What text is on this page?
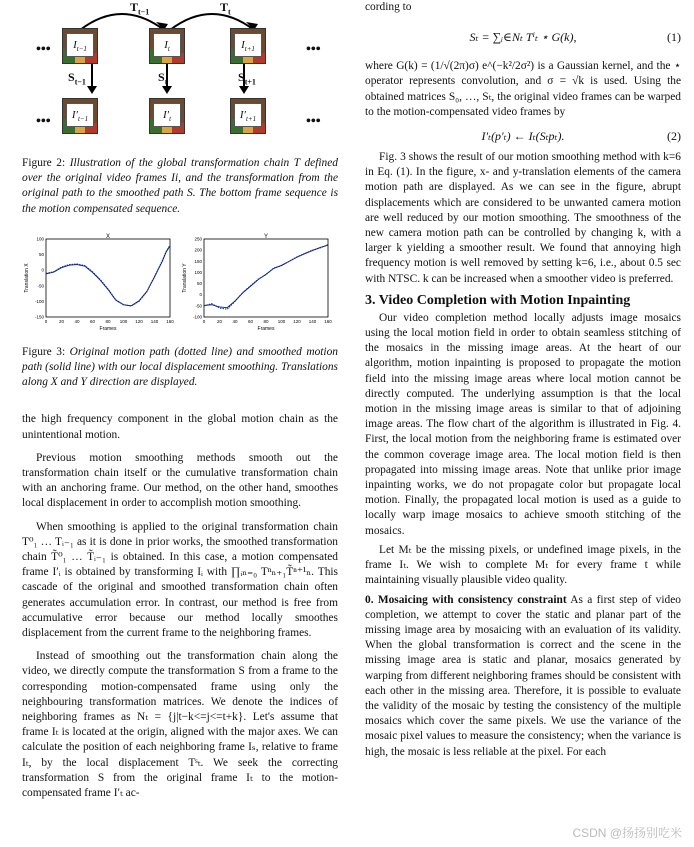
$T_{t-1}$	$T_t$
•••	$I_{t-1}$	$I_t$	$I_{t+1}$	•••
$S_{t-1}$	$S_t$	$S_{t+1}$
•••	$I'_{t-1}$	$I'_t$	$I'_{t+1}$	•••

Figure 2: Illustration of the global transformation chain T defined over the original video frames Ii, and the transformation from the original path to the smoothed path S. The bottom frame sequence is the motion compensated sequence.

X
0	20 40 60 80 100 120 140 160
100
50
0
-50
-100
-150
Frames
Translation X
Y
0	20 40 60 80 100 120 140 160
250
200
150
100
50
0
-50
-100
Frames
Translation Y

Figure 3: Original motion path (dotted line) and smoothed motion path (solid line) with our local displacement smoothing. Translations along X and Y direction are displayed.

the high frequency component in the global motion chain as the unintentional motion.

Previous motion smoothing methods smooth out the transformation chain itself or the cumulative transformation chain with an anchoring frame. Our method, on the other hand, smoothes local displacement in order to accomplish motion smoothing.

When smoothing is applied to the original transformation chain T⁰₁ … Tᵢ₋₁ as it is done in prior works, the smoothed transformation chain T̃⁰₁ … T̃ᵢ₋₁ is obtained. In this case, a motion compensated frame I′ᵢ is obtained by transforming Iᵢ with ∏ᵢₙ₌₀ Tⁿₙ₊₁T̃ⁿ⁺¹ₙ. This cascade of the original and smoothed transformation chain often generates accumulation error. In contrast, our method is free from accumulative error because our method locally smoothes displacement from the current frame to the neighboring frames.

Instead of smoothing out the transformation chain along the video, we directly compute the transformation S from a frame to the corresponding motion-compensated frame using only the neighbouring transformation matrices. We denote the indices of neighboring frames as Nₜ = {j|t−k<=j<=t+k}. Let's assume that frame Iₜ is located at the origin, aligned with the major axes. We can calculate the position of each neighboring frame Iₛ, relative to frame Iₜ, by the local displacement Tˢₜ. We seek the correcting transformation S from the original frame Iₜ to the motion-compensated frame I′ₜ ac-

cording to

Sₜ = ∑ᵢ∈Nₜ Tⁱₜ ⋆ G(k),	(1)

where G(k) = (1/√(2π)σ) e^(−k²/2σ²) is a Gaussian kernel, and the ⋆ operator represents convolution, and σ = √k is used. Using the obtained matrices S₀, …, Sₜ, the original video frames can be warped to the motion-compensated video frames by

I′ₜ(p′ₜ) ← Iₜ(Sₜpₜ).	(2)

Fig. 3 shows the result of our motion smoothing method with k=6 in Eq. (1). In the figure, x- and y-translation elements of the camera motion path are displayed. As we can see in the figure, abrupt displacements which are considered to be unwanted camera motion are well reduced by our motion smoothing. The smoothness of the new camera motion path can be controlled by changing k, with a larger k yielding a smoother result. We found that annoying high frequency motion is well removed by setting k=6, i.e., about 0.5 sec with NTSC. k can be increased when a smoother video is preferred.

3. Video Completion with Motion Inpainting

Our video completion method locally adjusts image mosaics using the local motion field in order to obtain seamless stitching of the mosaics in the missing image areas. At the heart of our algorithm, motion inpainting is proposed to propagate the motion field into the missing image areas where local motion cannot be directly computed. The underlying assumption is that the local motion in the missing image areas is similar to that of adjoining image areas. The flow chart of the algorithm is illustrated in Fig. 4. First, the local motion from the neighboring frame is estimated over the common coverage image area. The local motion field is then propagated into missing image areas. Note that unlike prior image inpainting works, we do not propagate color but propagate local motion. Finally, the propagated local motion is used as a guide to locally warp image mosaics to achieve smooth stitching of the mosaics.

Let Mₜ be the missing pixels, or undefined image pixels, in the frame Iₜ. We wish to complete Mₜ for every frame t while maintaining visually plausible video quality.

0. Mosaicing with consistency constraint As a first step of video completion, we attempt to cover the static and planar part of the missing image area by mosaicing with an evaluation of its validity. When the global transformation is correct and the scene in the missing image area is static and planar, mosaics generated by warping from different neighboring frames should be consistent with each other in the missing area. Therefore, it is possible to evaluate the validity of the mosaic by testing the consistency of the multiple mosaics which cover the same pixels. We use the variance of the mosaic pixel values to measure the consistency; when the variance is high, the mosaic is less reliable at the pixel. For each

CSDN @扬扬别吃米
